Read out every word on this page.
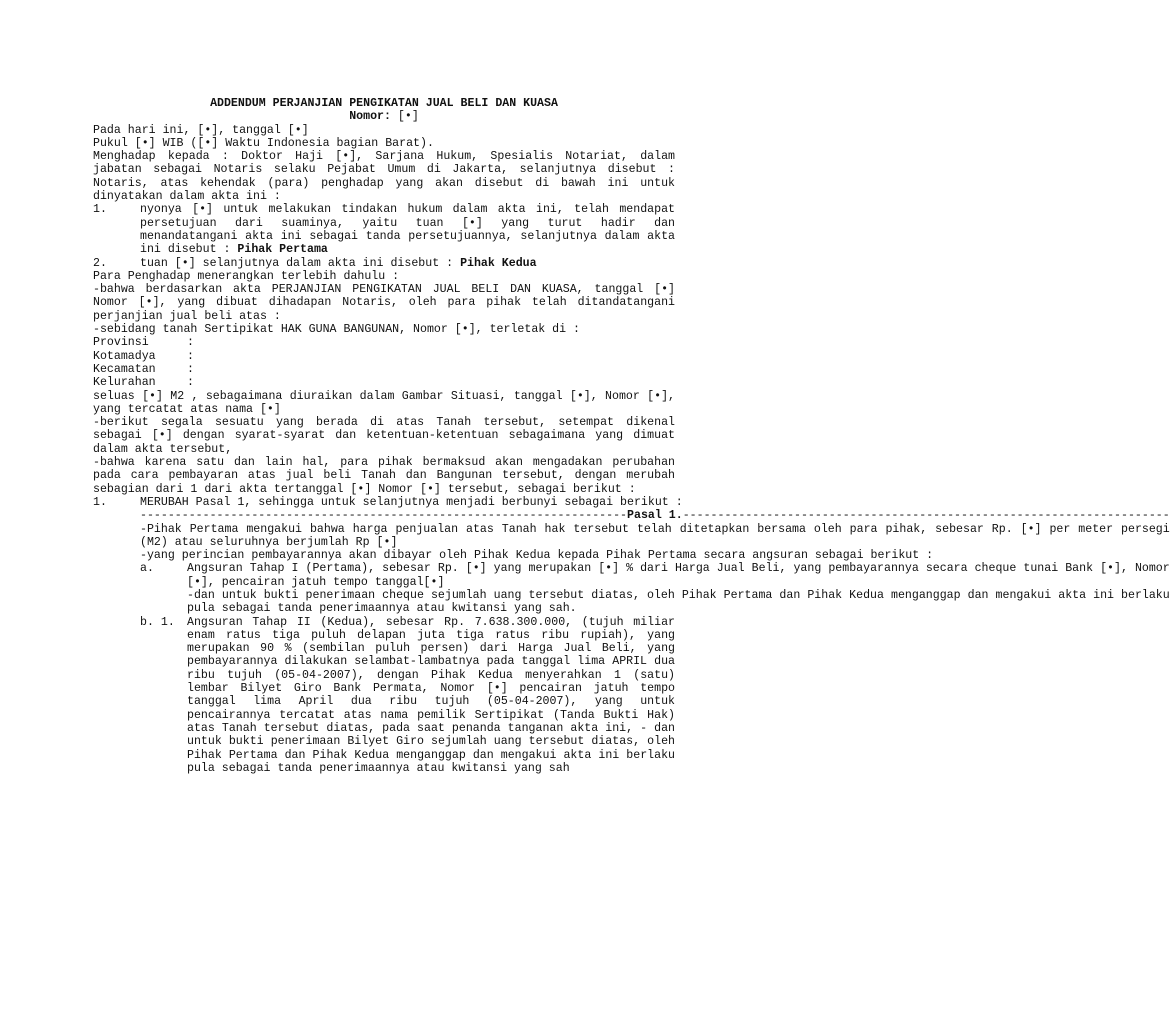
ADDENDUM PERJANJIAN PENGIKATAN JUAL BELI DAN KUASA

Nomor: [•]

Pada hari ini, [•], tanggal [•]

Pukul [•] WIB ([•] Waktu Indonesia bagian Barat).

Menghadap kepada : Doktor Haji [•], Sarjana Hukum, Spesialis Notariat, dalam jabatan sebagai Notaris selaku Pejabat Umum di Jakarta, selanjutnya disebut : Notaris, atas kehendak (para) penghadap yang akan disebut di bawah ini untuk dinyatakan dalam akta ini :

1.	nyonya [•] untuk melakukan tindakan hukum dalam akta ini, telah mendapat persetujuan dari suaminya, yaitu tuan [•] yang turut hadir dan menandatangani akta ini sebagai tanda persetujuannya, selanjutnya dalam akta ini disebut : Pihak Pertama
2.	tuan [•] selanjutnya dalam akta ini disebut : Pihak Kedua

Para Penghadap menerangkan terlebih dahulu :

-bahwa berdasarkan akta PERJANJIAN PENGIKATAN JUAL BELI DAN KUASA, tanggal [•] Nomor [•], yang dibuat dihadapan Notaris, oleh para pihak telah ditandatangani perjanjian jual beli atas :

-sebidang tanah Sertipikat HAK GUNA BANGUNAN, Nomor [•], terletak di :

Provinsi	:
Kotamadya	:
Kecamatan	:
Kelurahan	:

seluas [•] M2 , sebagaimana diuraikan dalam Gambar Situasi, tanggal [•], Nomor [•], yang tercatat atas nama [•]

-berikut segala sesuatu yang berada di atas Tanah tersebut, setempat dikenal sebagai [•] dengan syarat-syarat dan ketentuan-ketentuan sebagaimana yang dimuat dalam akta tersebut,

-bahwa karena satu dan lain hal, para pihak bermaksud akan mengadakan perubahan pada cara pembayaran atas jual beli Tanah dan Bangunan tersebut, dengan merubah sebagian dari 1 dari akta tertanggal [•] Nomor [•] tersebut, sebagai berikut :

1.	MERUBAH Pasal 1, sehingga untuk selanjutnya menjadi berbunyi sebagai berikut :

---------------------------------------------------------------------- Pasal 1. ----------------------------------------------------------------------

-Pihak Pertama mengakui bahwa harga penjualan atas Tanah hak tersebut telah ditetapkan bersama oleh para pihak, sebesar Rp. [•] per meter persegi (M2) atau seluruhnya berjumlah Rp [•]

-yang perincian pembayarannya akan dibayar oleh Pihak Kedua kepada Pihak Pertama secara angsuran sebagai berikut :

a.	Angsuran Tahap I (Pertama), sebesar Rp. [•] yang merupakan [•] % dari Harga Jual Beli, yang pembayarannya secara cheque tunai Bank [•], Nomor [•], pencairan jatuh tempo tanggal[•]

-dan untuk bukti penerimaan cheque sejumlah uang tersebut diatas, oleh Pihak Pertama dan Pihak Kedua menganggap dan mengakui akta ini berlaku pula sebagai tanda penerimaannya atau kwitansi yang sah.

b. 1.	Angsuran Tahap II (Kedua), sebesar Rp. 7.638.300.000, (tujuh miliar enam ratus tiga puluh delapan juta tiga ratus ribu rupiah), yang merupakan 90 % (sembilan puluh persen) dari Harga Jual Beli, yang pembayarannya dilakukan selambat-lambatnya pada tanggal lima APRIL dua ribu tujuh (05-04-2007), dengan Pihak Kedua menyerahkan 1 (satu) lembar Bilyet Giro Bank Permata, Nomor [•] pencairan jatuh tempo tanggal lima April dua ribu tujuh (05-04-2007), yang untuk pencairannya tercatat atas nama pemilik Sertipikat (Tanda Bukti Hak) atas Tanah tersebut diatas, pada saat penanda tanganan akta ini, - dan untuk bukti penerimaan Bilyet Giro sejumlah uang tersebut diatas, oleh Pihak Pertama dan Pihak Kedua menganggap dan mengakui akta ini berlaku pula sebagai tanda penerimaannya atau kwitansi yang sah
